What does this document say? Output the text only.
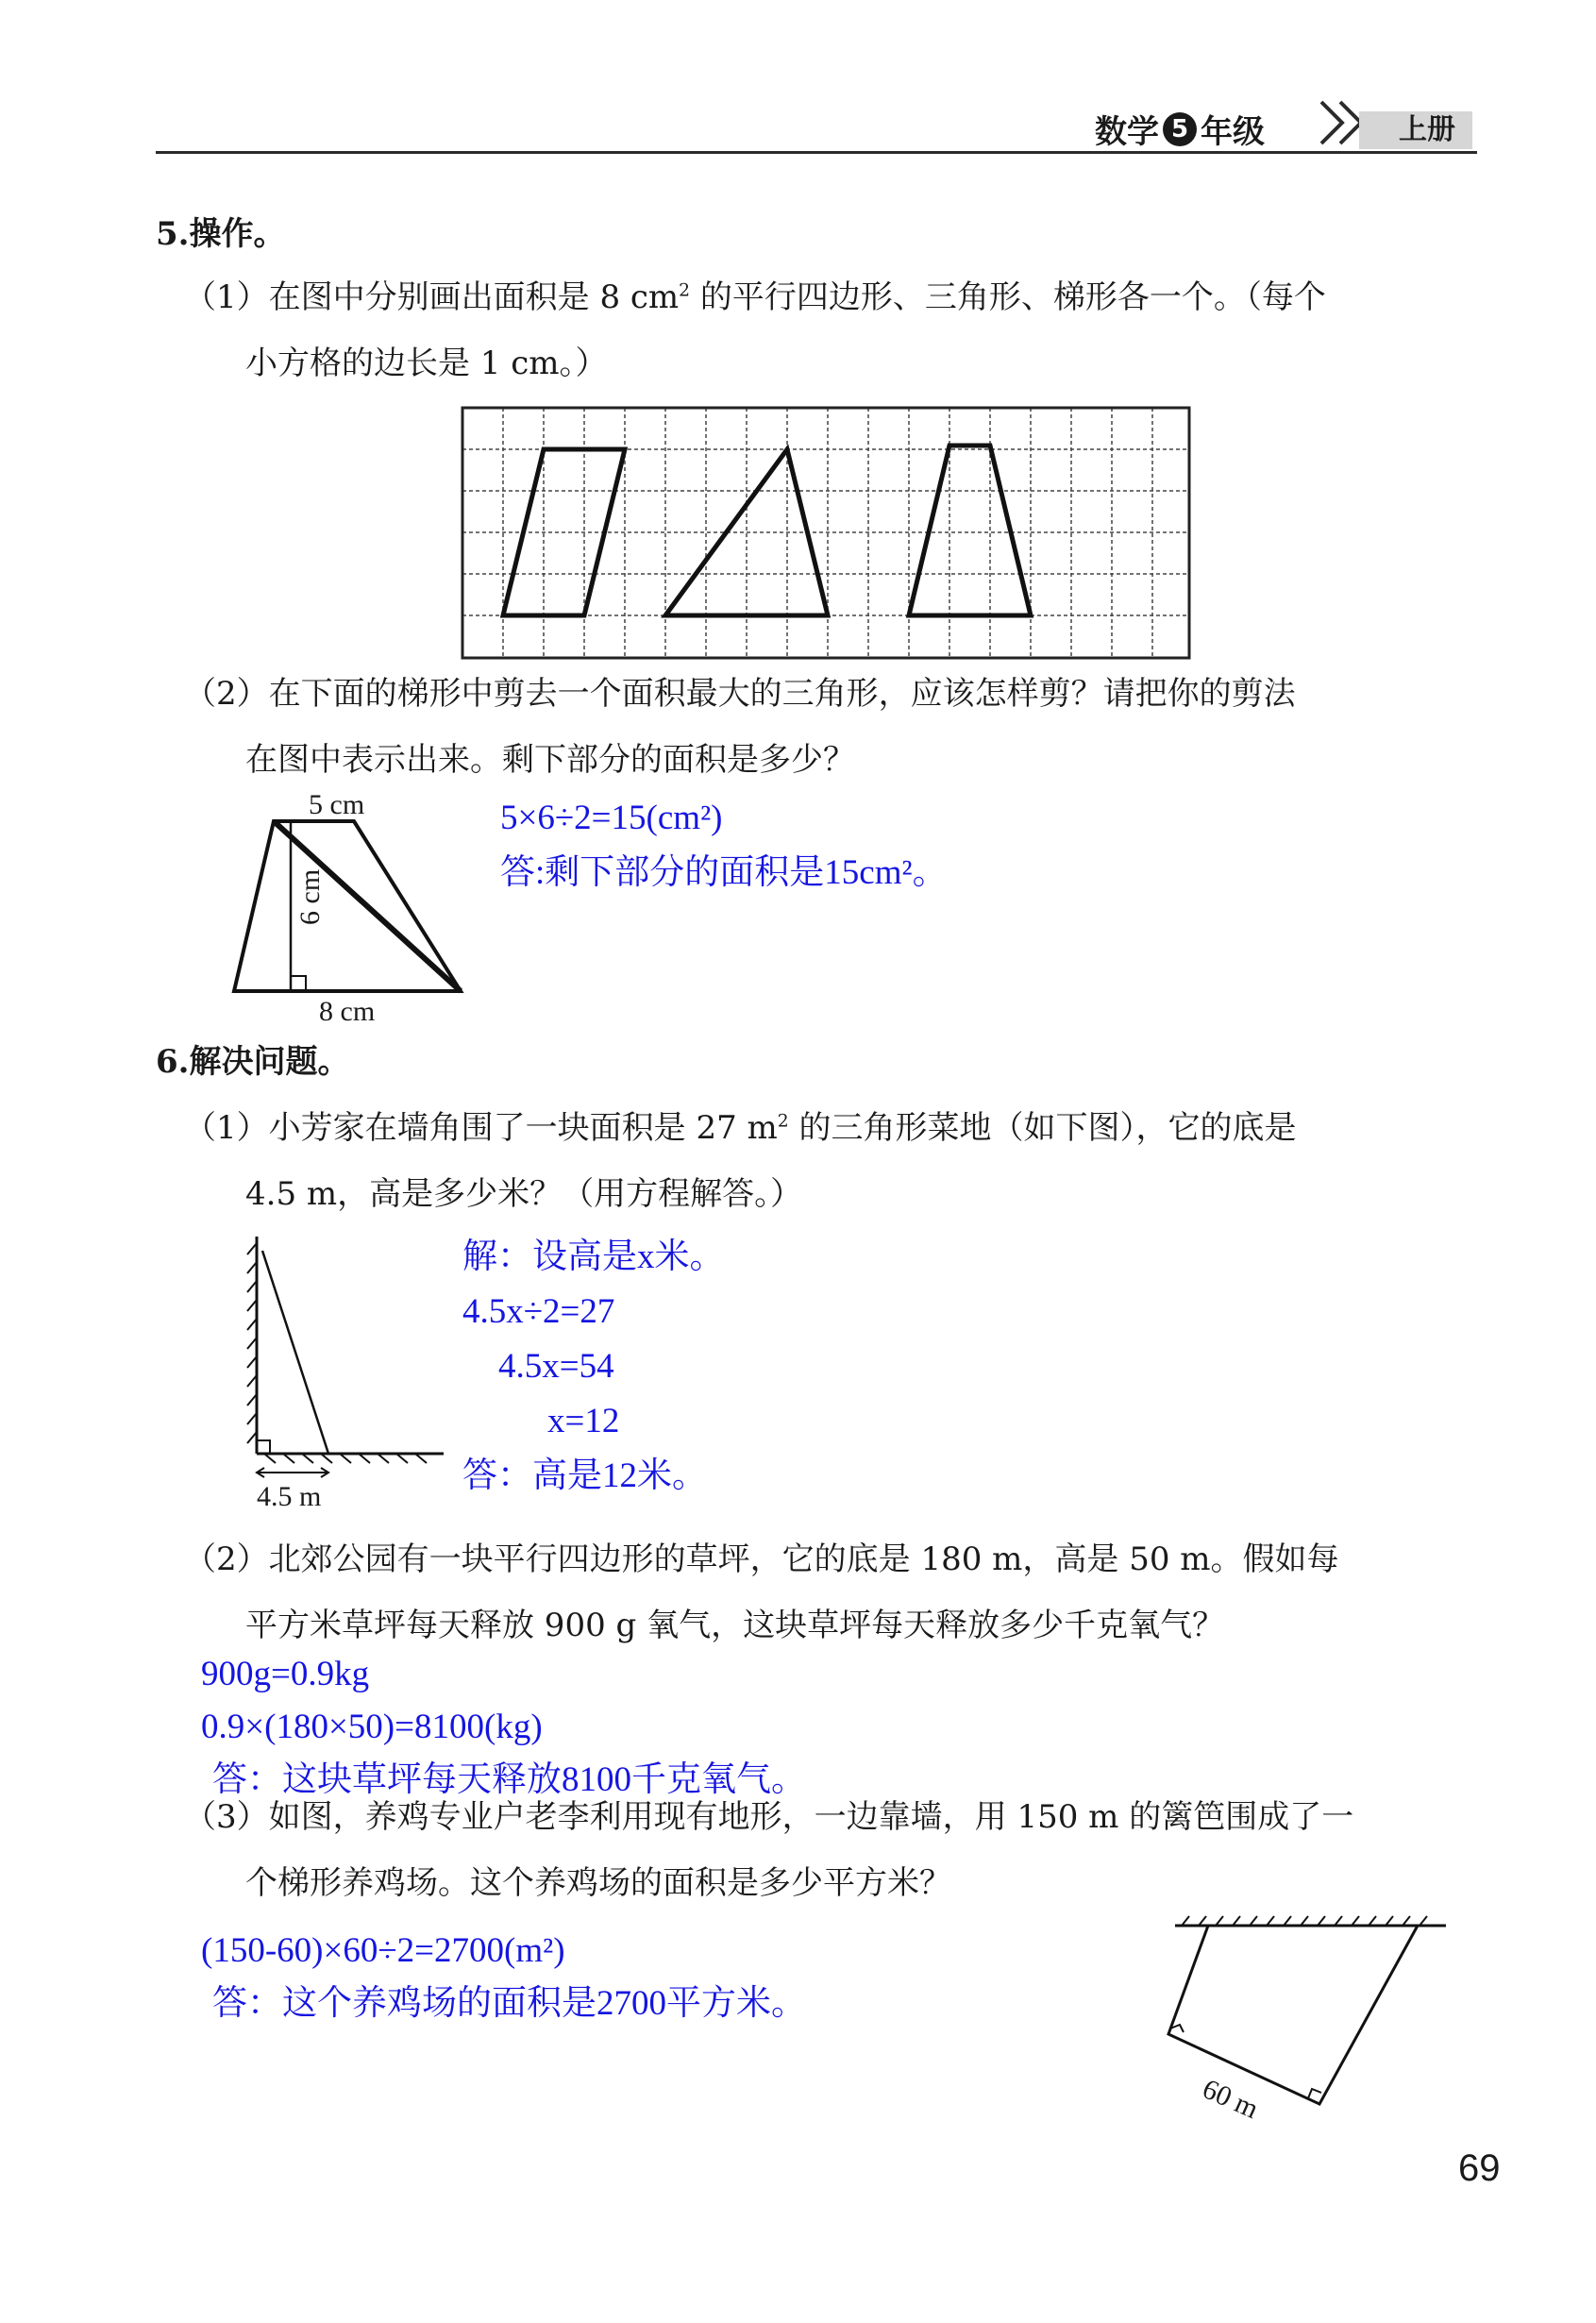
数学 5 年级	上册
5.操作。
（1）在图中分别画出面积是 8 $cm^2$ 的平行四边形、三角形、梯形各一个。（每个
小方格的边长是 1 cm。）
（2）在下面的梯形中剪去一个面积最大的三角形，应该怎样剪？请把你的剪法
在图中表示出来。剩下部分的面积是多少？
5 cm
6 cm
8 cm
5×6÷2=15(cm²)
答:剩下部分的面积是15cm²。
6.解决问题。
（1）小芳家在墙角围了一块面积是 27 $m^2$ 的三角形菜地（如下图），它的底是
4.5 m，高是多少米？（用方程解答。）
4.5 m
解：设高是x米。
4.5x÷2=27
4.5x=54
x=12
答：高是12米。
（2）北郊公园有一块平行四边形的草坪，它的底是 180 m，高是 50 m。假如每
平方米草坪每天释放 900 g 氧气，这块草坪每天释放多少千克氧气？
900g=0.9kg
0.9×(180×50)=8100(kg)
答：这块草坪每天释放8100千克氧气。
（3）如图，养鸡专业户老李利用现有地形，一边靠墙，用 150 m 的篱笆围成了一
个梯形养鸡场。这个养鸡场的面积是多少平方米？
(150-60)×60÷2=2700(m²)
答：这个养鸡场的面积是2700平方米。
60 m
69
